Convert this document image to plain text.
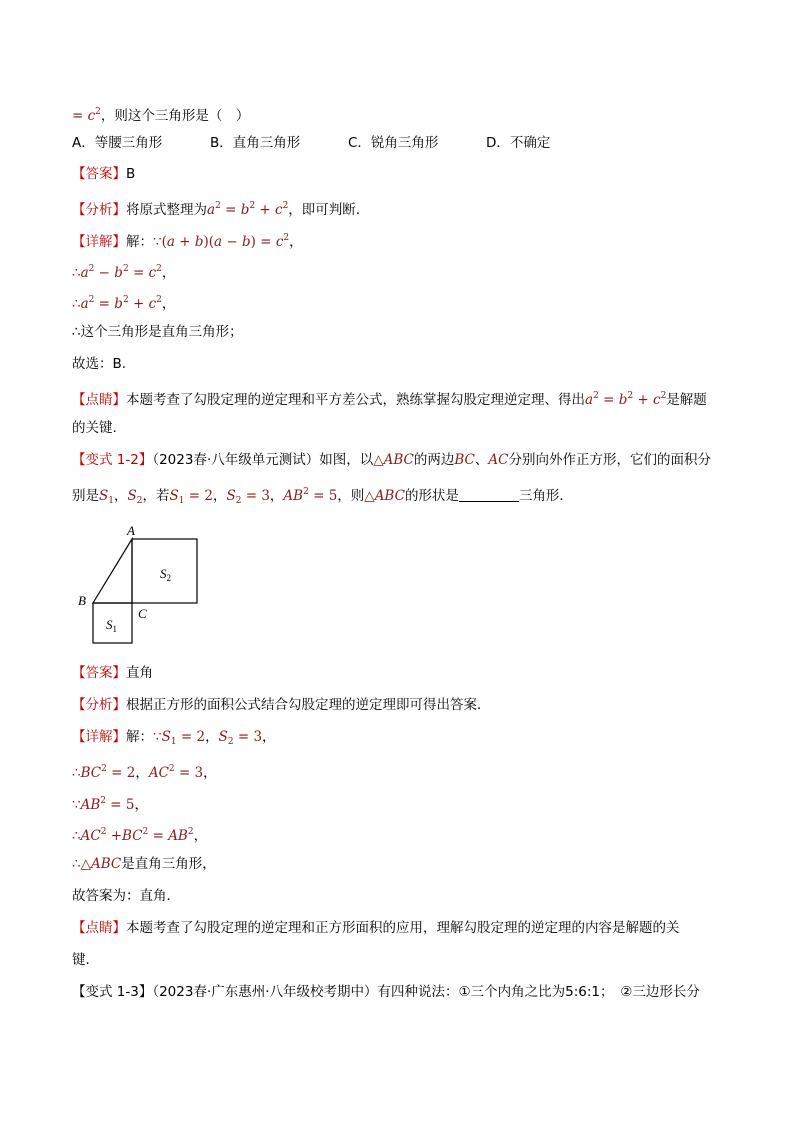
= $c^2$，则这个三角形是（　）
A．等腰三角形	B．直角三角形	C．锐角三角形	D．不确定
【答案】B
【分析】将原式整理为$a^2 = b^2 + c^2$，即可判断.
【详解】解：∵(a + $b)(a - b) = c^2$，
$\therefore a^2 - b^2 = c^2$，
$\therefore a^2 = b^2 + c^2$，
∴这个三角形是直角三角形；
故选：B.
【点睛】本题考查了勾股定理的逆定理和平方差公式，熟练掌握勾股定理逆定理、得出$a^2 = b^2 + c^2$是解题
的关键.
【变式 1-2】（2023春·八年级单元测试）如图，以△ABC的两边BC、AC分别向外作正方形，它们的面积分
别是$S_1$，$S_2$，若$S_1 = 2$，$S_2 = 3$，$AB^2 = 5$，则△ABC的形状是	三角形．
A
B
C
$S_2$
$S_1$
【答案】直角
【分析】根据正方形的面积公式结合勾股定理的逆定理即可得出答案．
【详解】解：$\because S_1 = 2$，$S_2 = 3$，
$\therefore BC^2 = 2$，$AC^2 = 3$，
$\because AB^2 = 5$，
$\therefore AC^2 +BC^2 = AB^2$，
∴△ABC是直角三角形，
故答案为：直角．
【点睛】本题考查了勾股定理的逆定理和正方形面积的应用，理解勾股定理的逆定理的内容是解题的关
键．
【变式 1-3】（2023春·广东惠州·八年级校考期中）有四种说法：①三个内角之比为5:6:1；　②三边形长分
